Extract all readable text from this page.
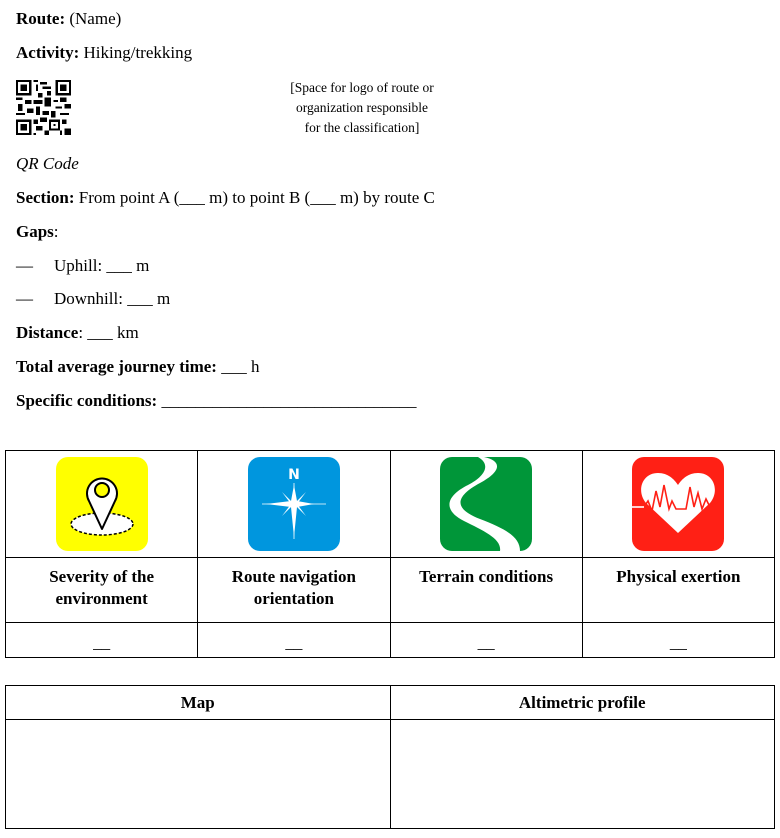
Route: (Name)
Activity: Hiking/trekking
[Space for logo of route or
organization responsible
for the classification]
QR Code
Section: From point A (___ m) to point B (___ m) by route C
Gaps:
— Uphill: ___ m
— Downhill: ___ m
Distance: ___ km
Total average journey time: ___ h
Specific conditions: ______________________________

N

Severity of the environment	Route navigation orientation	Terrain conditions	Physical exertion
__	__	__	__
Map	Altimetric profile
